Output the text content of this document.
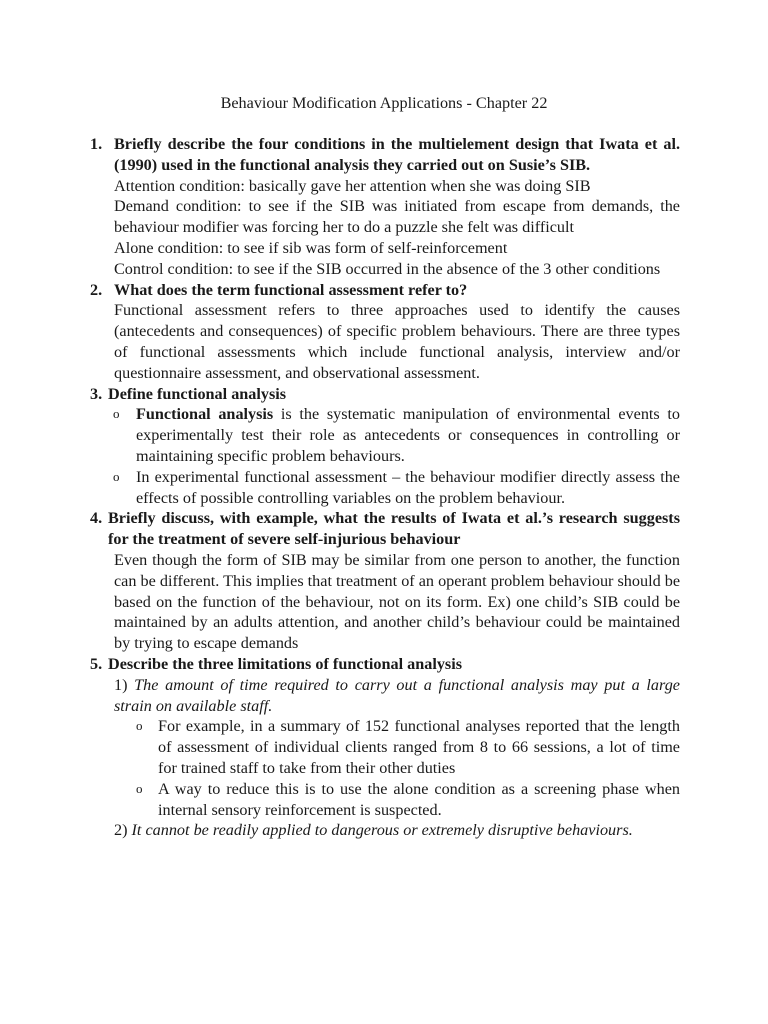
Behaviour Modification Applications - Chapter 22
1. Briefly describe the four conditions in the multielement design that Iwata et al. (1990) used in the functional analysis they carried out on Susie’s SIB.
Attention condition: basically gave her attention when she was doing SIB
Demand condition: to see if the SIB was initiated from escape from demands, the behaviour modifier was forcing her to do a puzzle she felt was difficult
Alone condition: to see if sib was form of self-reinforcement
Control condition: to see if the SIB occurred in the absence of the 3 other conditions
2. What does the term functional assessment refer to?
Functional assessment refers to three approaches used to identify the causes (antecedents and consequences) of specific problem behaviours. There are three types of functional assessments which include functional analysis, interview and/or questionnaire assessment, and observational assessment.
3. Define functional analysis
o Functional analysis is the systematic manipulation of environmental events to experimentally test their role as antecedents or consequences in controlling or maintaining specific problem behaviours.
o In experimental functional assessment – the behaviour modifier directly assess the effects of possible controlling variables on the problem behaviour.
4. Briefly discuss, with example, what the results of Iwata et al.’s research suggests for the treatment of severe self-injurious behaviour
Even though the form of SIB may be similar from one person to another, the function can be different. This implies that treatment of an operant problem behaviour should be based on the function of the behaviour, not on its form. Ex) one child’s SIB could be maintained by an adults attention, and another child’s behaviour could be maintained by trying to escape demands
5. Describe the three limitations of functional analysis
1) The amount of time required to carry out a functional analysis may put a large strain on available staff.
o For example, in a summary of 152 functional analyses reported that the length of assessment of individual clients ranged from 8 to 66 sessions, a lot of time for trained staff to take from their other duties
o A way to reduce this is to use the alone condition as a screening phase when internal sensory reinforcement is suspected.
2) It cannot be readily applied to dangerous or extremely disruptive behaviours.
